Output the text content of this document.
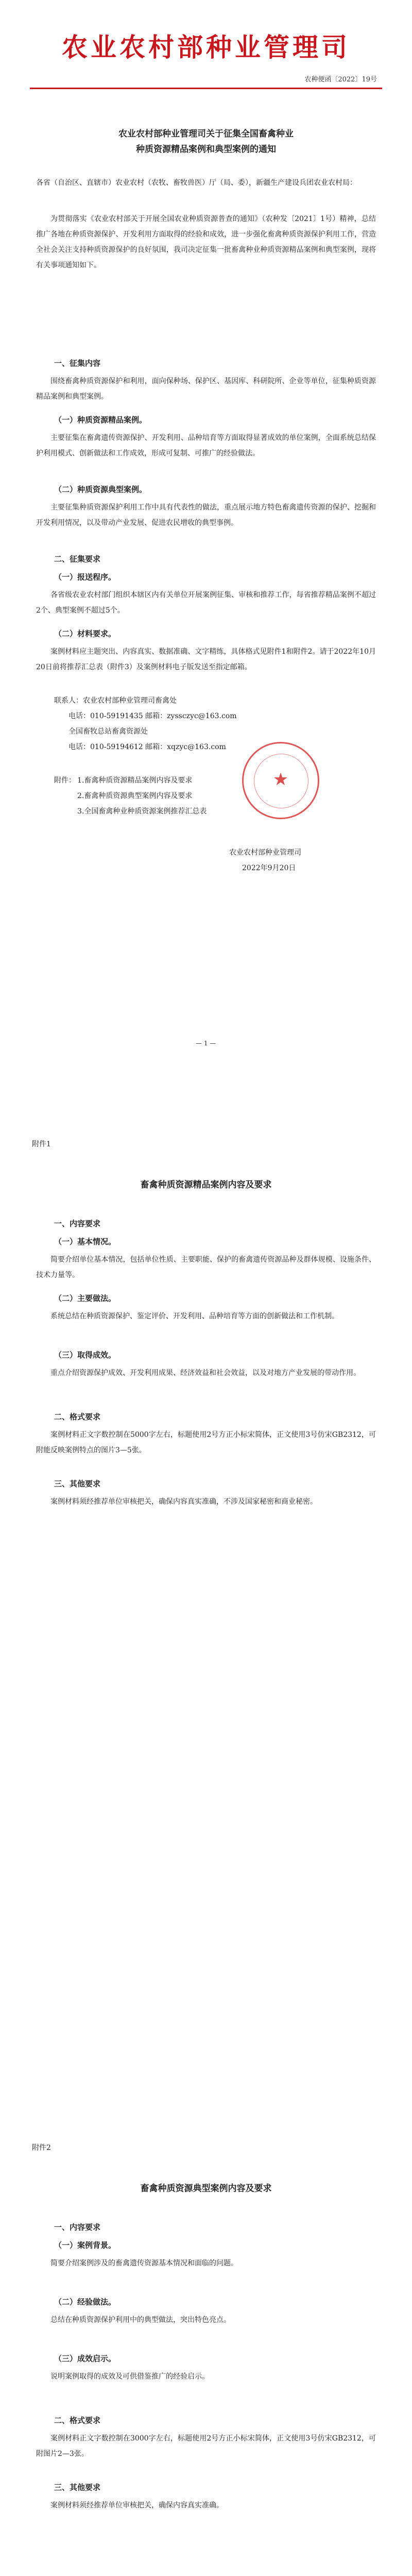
农业农村部种业管理司
农种便函〔2022〕19号
农业农村部种业管理司关于征集全国畜禽种业
种质资源精品案例和典型案例的通知
各省（自治区、直辖市）农业农村（农牧、畜牧兽医）厅（局、委），新疆生产建设兵团农业农村局：
为贯彻落实《农业农村部关于开展全国农业种质资源普查的通知》（农种发〔2021〕1号）精神，总结推广各地在种质资源保护、开发利用方面取得的经验和成效，进一步强化畜禽种质资源保护利用工作，营造全社会关注支持种质资源保护的良好氛围，我司决定征集一批畜禽种业种质资源精品案例和典型案例，现将有关事项通知如下。
一、征集内容
围绕畜禽种质资源保护和利用，面向保种场、保护区、基因库、科研院所、企业等单位，征集种质资源精品案例和典型案例。
（一）种质资源精品案例。
主要征集在畜禽遗传资源保护、开发利用、品种培育等方面取得显著成效的单位案例，全面系统总结保护利用模式、创新做法和工作成效，形成可复制、可推广的经验做法。
（二）种质资源典型案例。
主要征集种质资源保护利用工作中具有代表性的做法，重点展示地方特色畜禽遗传资源的保护、挖掘和开发利用情况，以及带动产业发展、促进农民增收的典型事例。
二、征集要求
（一）报送程序。
各省级农业农村部门组织本辖区内有关单位开展案例征集、审核和推荐工作，每省推荐精品案例不超过2个、典型案例不超过5个。
（二）材料要求。
案例材料应主题突出、内容真实、数据准确、文字精练，具体格式见附件1和附件2。请于2022年10月20日前将推荐汇总表（附件3）及案例材料电子版发送至指定邮箱。
联系人：农业农村部种业管理司畜禽处
电话：010-59191435 邮箱：zyssczyc@163.com
全国畜牧总站畜禽资源处
电话：010-59194612 邮箱：xqzyc@163.com
附件： 1.畜禽种质资源精品案例内容及要求
2.畜禽种质资源典型案例内容及要求
3.全国畜禽种业种质资源案例推荐汇总表
★
农业农村部种业管理司
2022年9月20日
— 1 —
附件1
畜禽种质资源精品案例内容及要求
一、内容要求
（一）基本情况。
简要介绍单位基本情况，包括单位性质、主要职能、保护的畜禽遗传资源品种及群体规模、设施条件、技术力量等。
（二）主要做法。
系统总结在种质资源保护、鉴定评价、开发利用、品种培育等方面的创新做法和工作机制。
（三）取得成效。
重点介绍资源保护成效、开发利用成果、经济效益和社会效益，以及对地方产业发展的带动作用。
二、格式要求
案例材料正文字数控制在5000字左右，标题使用2号方正小标宋简体，正文使用3号仿宋GB2312，可附能反映案例特点的图片3—5张。
三、其他要求
案例材料须经推荐单位审核把关，确保内容真实准确，不涉及国家秘密和商业秘密。
附件2
畜禽种质资源典型案例内容及要求
一、内容要求
（一）案例背景。
简要介绍案例涉及的畜禽遗传资源基本情况和面临的问题。
（二）经验做法。
总结在种质资源保护利用中的典型做法，突出特色亮点。
（三）成效启示。
说明案例取得的成效及可供借鉴推广的经验启示。
二、格式要求
案例材料正文字数控制在3000字左右，标题使用2号方正小标宋简体，正文使用3号仿宋GB2312，可附图片2—3张。
三、其他要求
案例材料须经推荐单位审核把关，确保内容真实准确。
